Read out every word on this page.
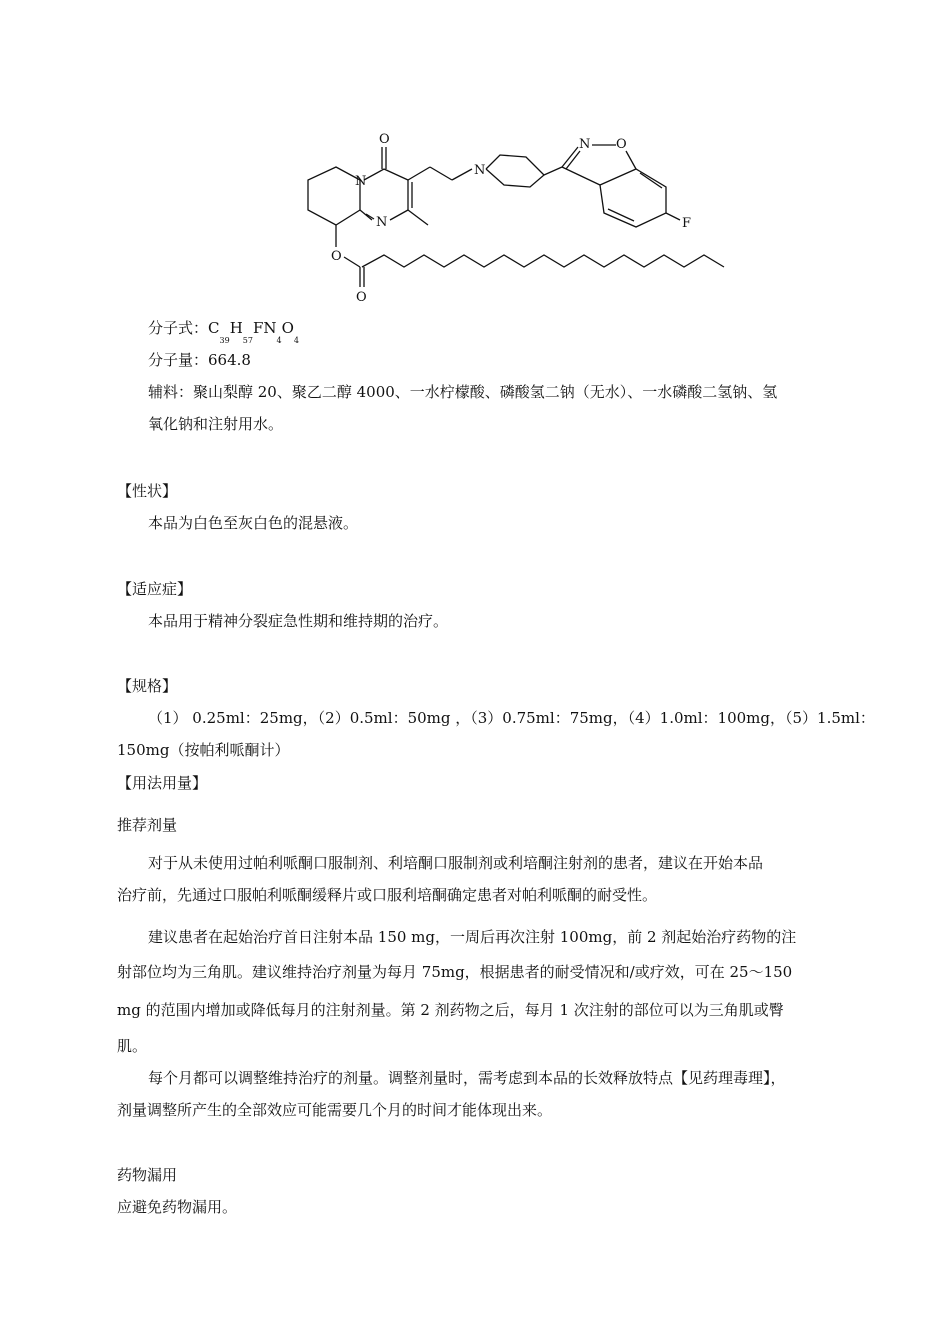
O
N
N
N
N O
F
O
O
分子式：$C_{39}H_{57}FN_4O_4$
分子量：664.8
辅料：聚山梨醇 20、聚乙二醇 4000、一水柠檬酸、磷酸氢二钠（无水）、一水磷酸二氢钠、氢
氧化钠和注射用水。
【性状】
本品为白色至灰白色的混悬液。
【适应症】
本品用于精神分裂症急性期和维持期的治疗。
【规格】
（1） 0.25ml：25mg，（2）0.5ml：50mg ，（3）0.75ml：75mg，（4）1.0ml：100mg，（5）1.5ml：
150mg（按帕利哌酮计）
【用法用量】
推荐剂量
对于从未使用过帕利哌酮口服制剂、利培酮口服制剂或利培酮注射剂的患者，建议在开始本品
治疗前，先通过口服帕利哌酮缓释片或口服利培酮确定患者对帕利哌酮的耐受性。
建议患者在起始治疗首日注射本品 150 mg，一周后再次注射 100mg，前 2 剂起始治疗药物的注
射部位均为三角肌。建议维持治疗剂量为每月 75mg，根据患者的耐受情况和/或疗效，可在 25～150
mg 的范围内增加或降低每月的注射剂量。第 2 剂药物之后，每月 1 次注射的部位可以为三角肌或臀
肌。
每个月都可以调整维持治疗的剂量。调整剂量时，需考虑到本品的长效释放特点【见药理毒理】，
剂量调整所产生的全部效应可能需要几个月的时间才能体现出来。
药物漏用
应避免药物漏用。
